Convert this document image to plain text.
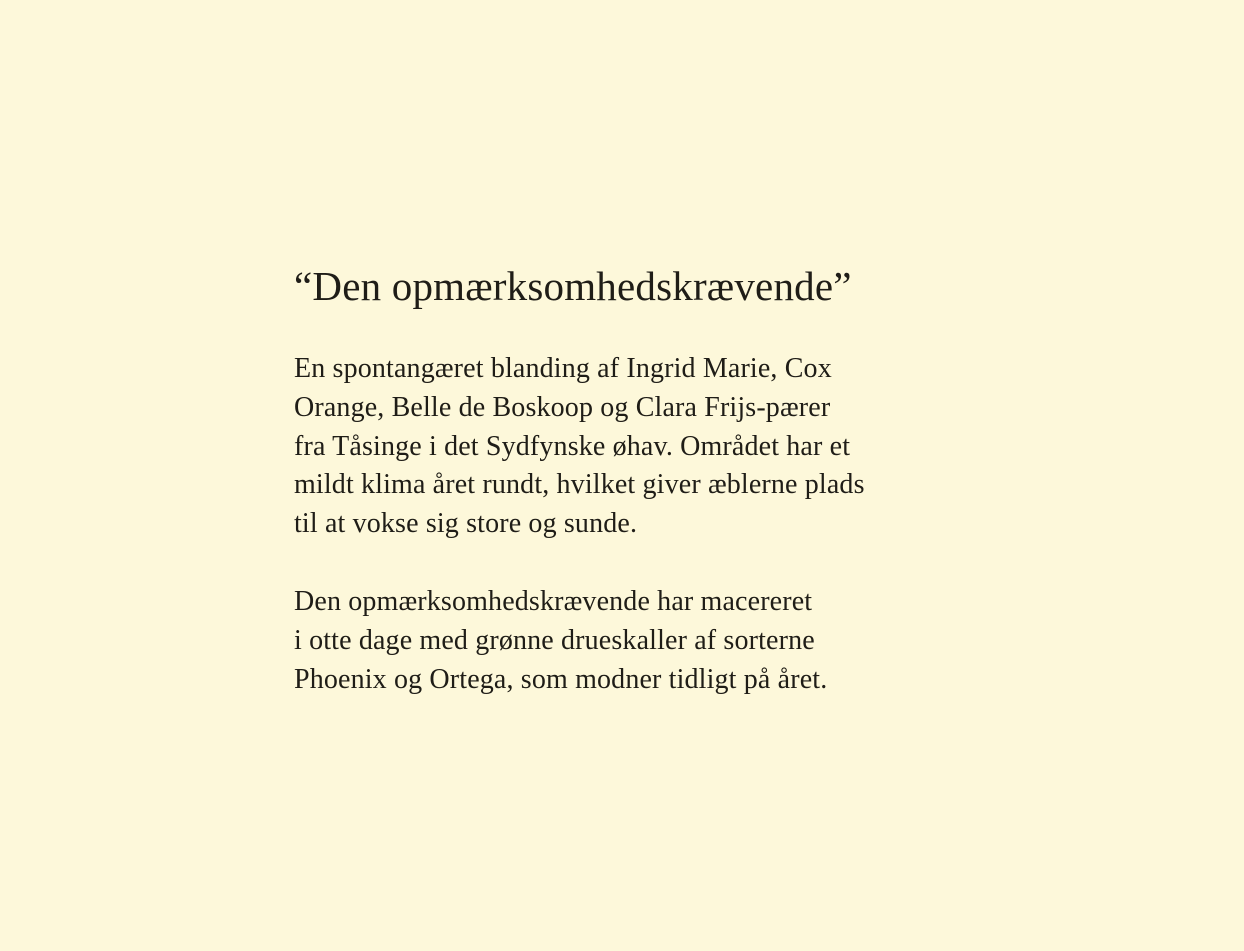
“Den opmærksomhedskrævende”

En spontangæret blanding af Ingrid Marie, Cox
Orange, Belle de Boskoop og Clara Frijs-pærer
fra Tåsinge i det Sydfynske øhav. Området har et
mildt klima året rundt, hvilket giver æblerne plads
til at vokse sig store og sunde.

Den opmærksomhedskrævende har macereret
i otte dage med grønne drueskaller af sorterne
Phoenix og Ortega, som modner tidligt på året.
